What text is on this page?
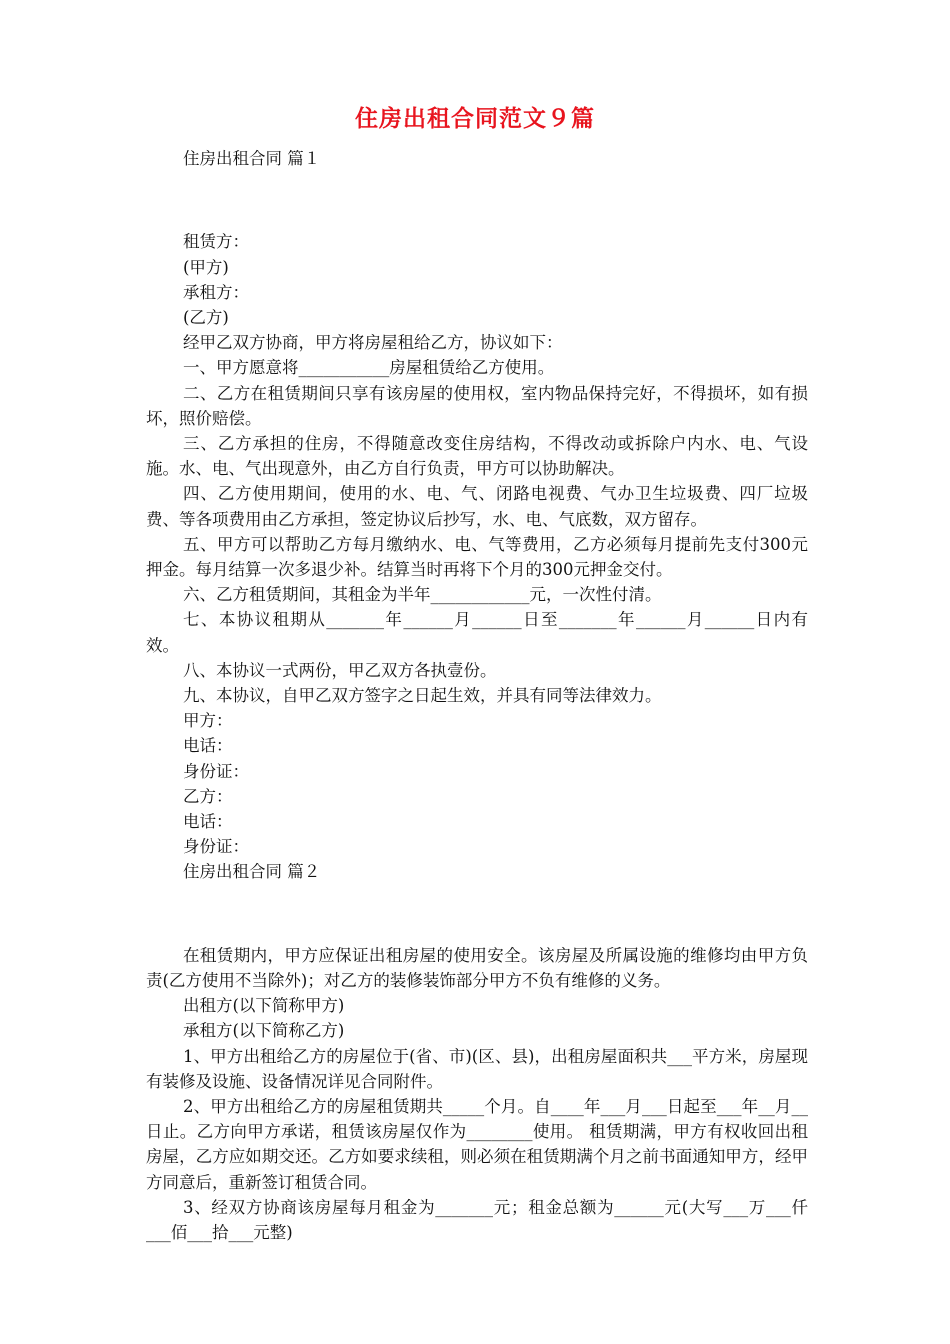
住房出租合同范文９篇

住房出租合同 篇１

租赁方：

(甲方)

承租方：

(乙方)

经甲乙双方协商，甲方将房屋租给乙方，协议如下：

一、甲方愿意将___________房屋租赁给乙方使用。

二、乙方在租赁期间只享有该房屋的使用权，室内物品保持完好，不得损坏，如有损坏，照价赔偿。

三、乙方承担的住房，不得随意改变住房结构，不得改动或拆除户内水、电、气设施。水、电、气出现意外，由乙方自行负责，甲方可以协助解决。

四、乙方使用期间，使用的水、电、气、闭路电视费、气办卫生垃圾费、四厂垃圾费、等各项费用由乙方承担，签定协议后抄写，水、电、气底数，双方留存。

五、甲方可以帮助乙方每月缴纳水、电、气等费用，乙方必须每月提前先支付300元押金。每月结算一次多退少补。结算当时再将下个月的300元押金交付。

六、乙方租赁期间，其租金为半年____________元，一次性付清。

七、本协议租期从_______年______月______日至_______年______月______日内有效。

八、本协议一式两份，甲乙双方各执壹份。

九、本协议，自甲乙双方签字之日起生效，并具有同等法律效力。

甲方：

电话：

身份证：

乙方：

电话：

身份证：

住房出租合同 篇２

在租赁期内，甲方应保证出租房屋的使用安全。该房屋及所属设施的维修均由甲方负责(乙方使用不当除外)；对乙方的装修装饰部分甲方不负有维修的义务。

出租方(以下简称甲方)

承租方(以下简称乙方)

1、甲方出租给乙方的房屋位于(省、市)(区、县)，出租房屋面积共___平方米，房屋现有装修及设施、设备情况详见合同附件。

2、甲方出租给乙方的房屋租赁期共_____个月。自____年___月___日起至___年__月__日止。乙方向甲方承诺，租赁该房屋仅作为________使用。 租赁期满，甲方有权收回出租房屋，乙方应如期交还。乙方如要求续租，则必须在租赁期满个月之前书面通知甲方，经甲方同意后，重新签订租赁合同。

3、经双方协商该房屋每月租金为_______元；租金总额为______元(大写___万___仟___佰___拾___元整)
